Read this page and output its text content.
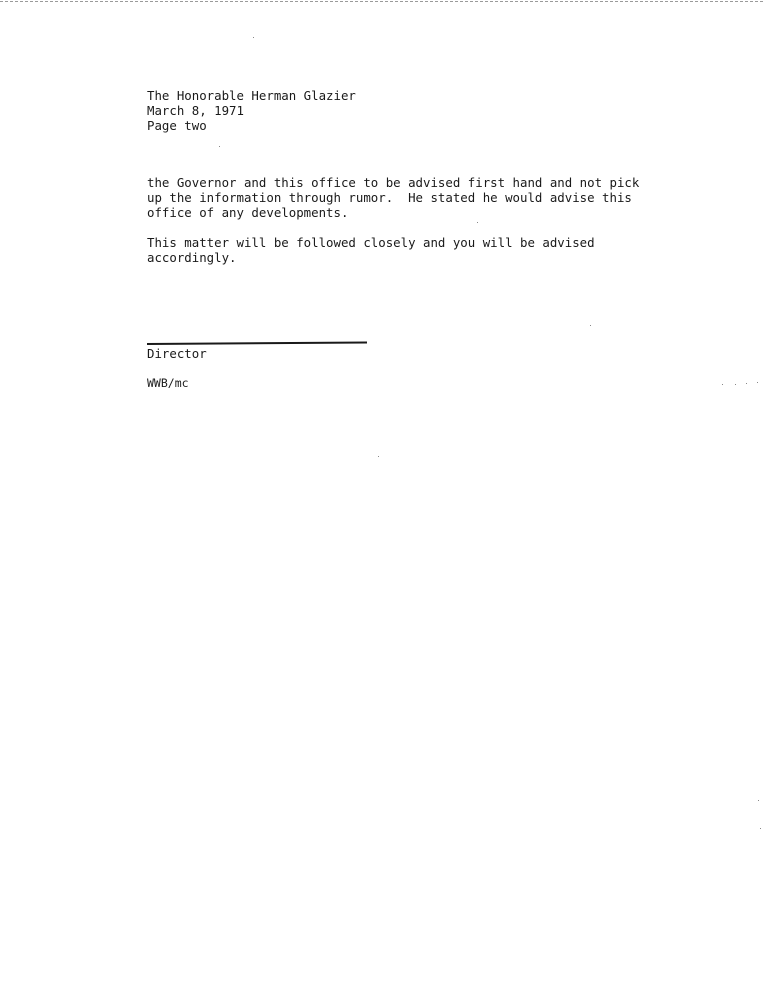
The Honorable Herman Glazier
March 8, 1971
Page two
the Governor and this office to be advised first hand and not pick
up the information through rumor.  He stated he would advise this
office of any developments.
This matter will be followed closely and you will be advised
accordingly.
Director
WWB/mc
